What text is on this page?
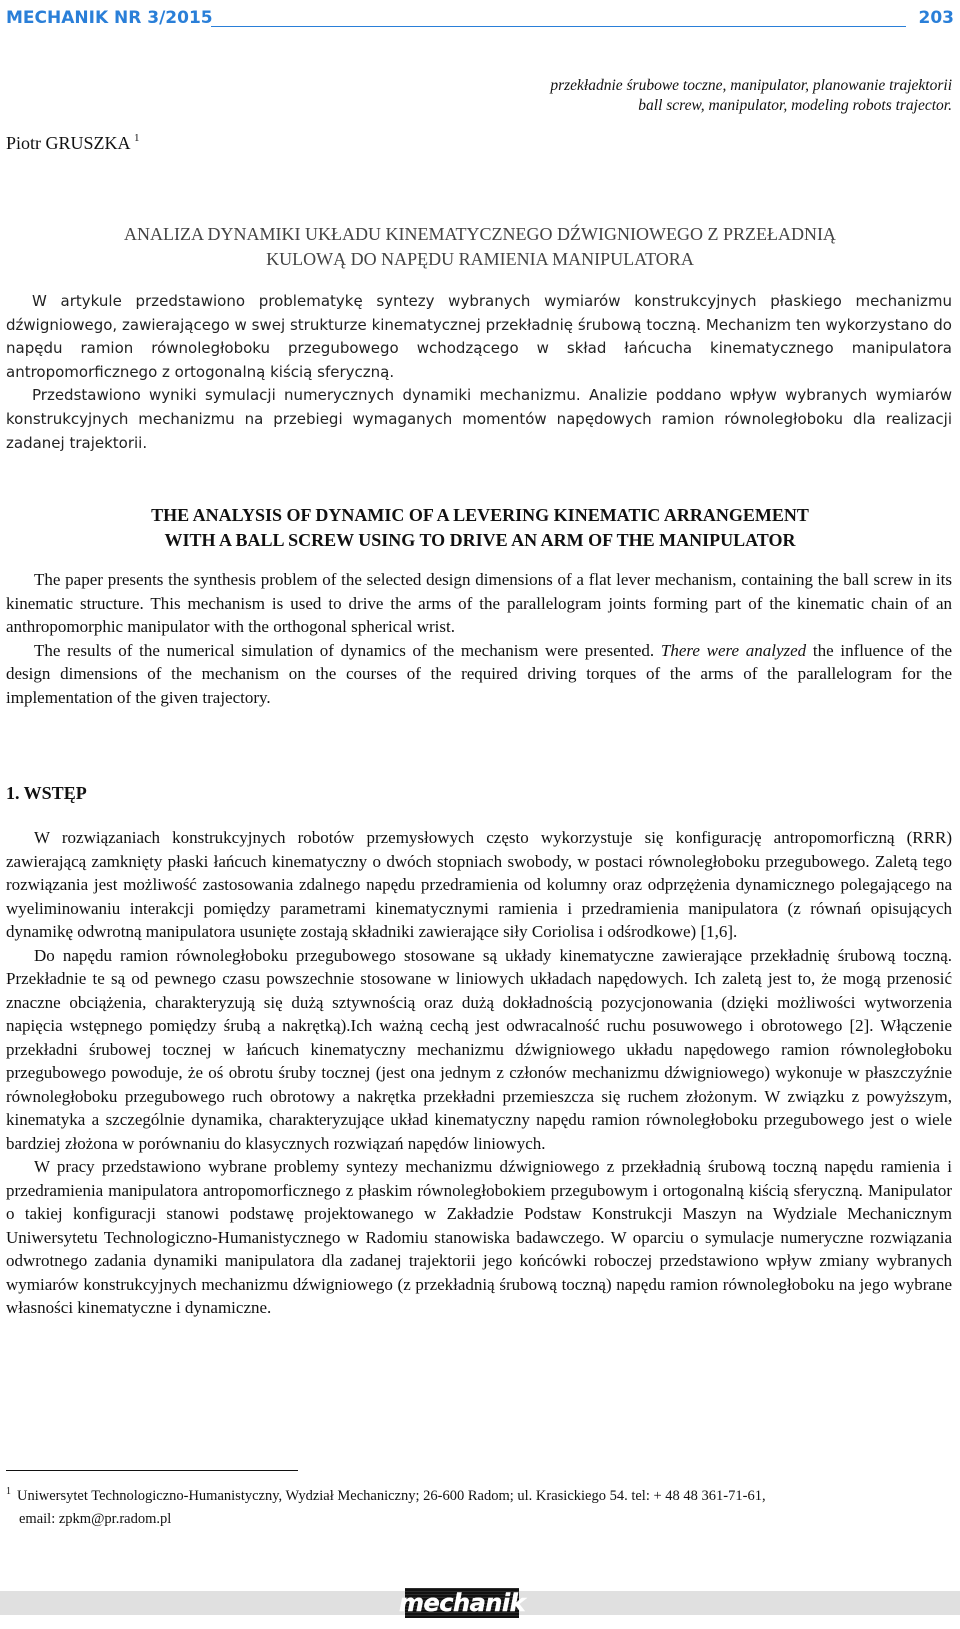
MECHANIK NR 3/2015	203
przekładnie śrubowe toczne, manipulator, planowanie trajektorii
ball screw, manipulator, modeling robots trajector.
Piotr GRUSZKA $^1$
ANALIZA DYNAMIKI UKŁADU KINEMATYCZNEGO DŹWIGNIOWEGO Z PRZEŁADNIĄ
KULOWĄ DO NAPĘDU RAMIENIA MANIPULATORA

W artykule przedstawiono problematykę syntezy wybranych wymiarów konstrukcyjnych płaskiego mechanizmu dźwigniowego, zawierającego w swej strukturze kinematycznej przekładnię śrubową toczną. Mechanizm ten wykorzystano do napędu ramion równoległoboku przegubowego wchodzącego w skład łańcucha kinematycznego manipulatora antropomorficznego z ortogonalną kiścią sferyczną.

Przedstawiono wyniki symulacji numerycznych dynamiki mechanizmu. Analizie poddano wpływ wybranych wymiarów konstrukcyjnych mechanizmu na przebiegi wymaganych momentów napędowych ramion równoległoboku dla realizacji zadanej trajektorii.

THE ANALYSIS OF DYNAMIC OF A LEVERING KINEMATIC ARRANGEMENT
WITH A BALL SCREW USING TO DRIVE AN ARM OF THE MANIPULATOR

The paper presents the synthesis problem of the selected design dimensions of a flat lever mechanism, containing the ball screw in its kinematic structure. This mechanism is used to drive the arms of the parallelogram joints forming part of the kinematic chain of an anthropomorphic manipulator with the orthogonal spherical wrist.

The results of the numerical simulation of dynamics of the mechanism were presented. There were analyzed the influence of the design dimensions of the mechanism on the courses of the required driving torques of the arms of the parallelogram for the implementation of the given trajectory.

1. WSTĘP

W rozwiązaniach konstrukcyjnych robotów przemysłowych często wykorzystuje się konfigurację antropomorficzną (RRR) zawierającą zamknięty płaski łańcuch kinematyczny o dwóch stopniach swobody, w postaci równoległoboku przegubowego. Zaletą tego rozwiązania jest możliwość zastosowania zdalnego napędu przedramienia od kolumny oraz odprzężenia dynamicznego polegającego na wyeliminowaniu interakcji pomiędzy parametrami kinematycznymi ramienia i przedramienia manipulatora (z równań opisujących dynamikę odwrotną manipulatora usunięte zostają składniki zawierające siły Coriolisa i odśrodkowe) [1,6].

Do napędu ramion równoległoboku przegubowego stosowane są układy kinematyczne zawierające przekładnię śrubową toczną. Przekładnie te są od pewnego czasu powszechnie stosowane w liniowych układach napędowych. Ich zaletą jest to, że mogą przenosić znaczne obciążenia, charakteryzują się dużą sztywnością oraz dużą dokładnością pozycjonowania (dzięki możliwości wytworzenia napięcia wstępnego pomiędzy śrubą a nakrętką).Ich ważną cechą jest odwracalność ruchu posuwowego i obrotowego [2]. Włączenie przekładni śrubowej tocznej w łańcuch kinematyczny mechanizmu dźwigniowego układu napędowego ramion równoległoboku przegubowego powoduje, że oś obrotu śruby tocznej (jest ona jednym z członów mechanizmu dźwigniowego) wykonuje w płaszczyźnie równoległoboku przegubowego ruch obrotowy a nakrętka przekładni przemieszcza się ruchem złożonym. W związku z powyższym, kinematyka a szczególnie dynamika, charakteryzujące układ kinematyczny napędu ramion równoległoboku przegubowego jest o wiele bardziej złożona w porównaniu do klasycznych rozwiązań napędów liniowych.

W pracy przedstawiono wybrane problemy syntezy mechanizmu dźwigniowego z przekładnią śrubową toczną napędu ramienia i przedramienia manipulatora antropomorficznego z płaskim równoległobokiem przegubowym i ortogonalną kiścią sferyczną. Manipulator o takiej konfiguracji stanowi podstawę projektowanego w Zakładzie Podstaw Konstrukcji Maszyn na Wydziale Mechanicznym Uniwersytetu Technologiczno-Humanistycznego w Radomiu stanowiska badawczego. W oparciu o symulacje numeryczne rozwiązania odwrotnego zadania dynamiki manipulatora dla zadanej trajektorii jego końcówki roboczej przedstawiono wpływ zmiany wybranych wymiarów konstrukcyjnych mechanizmu dźwigniowego (z przekładnią śrubową toczną) napędu ramion równoległoboku na jego wybrane własności kinematyczne i dynamiczne.

$^1$ Uniwersytet Technologiczno-Humanistyczny, Wydział Mechaniczny; 26-600 Radom; ul. Krasickiego 54. tel: + 48 48 361-71-61,
email: zpkm@pr.radom.pl
mechanik
